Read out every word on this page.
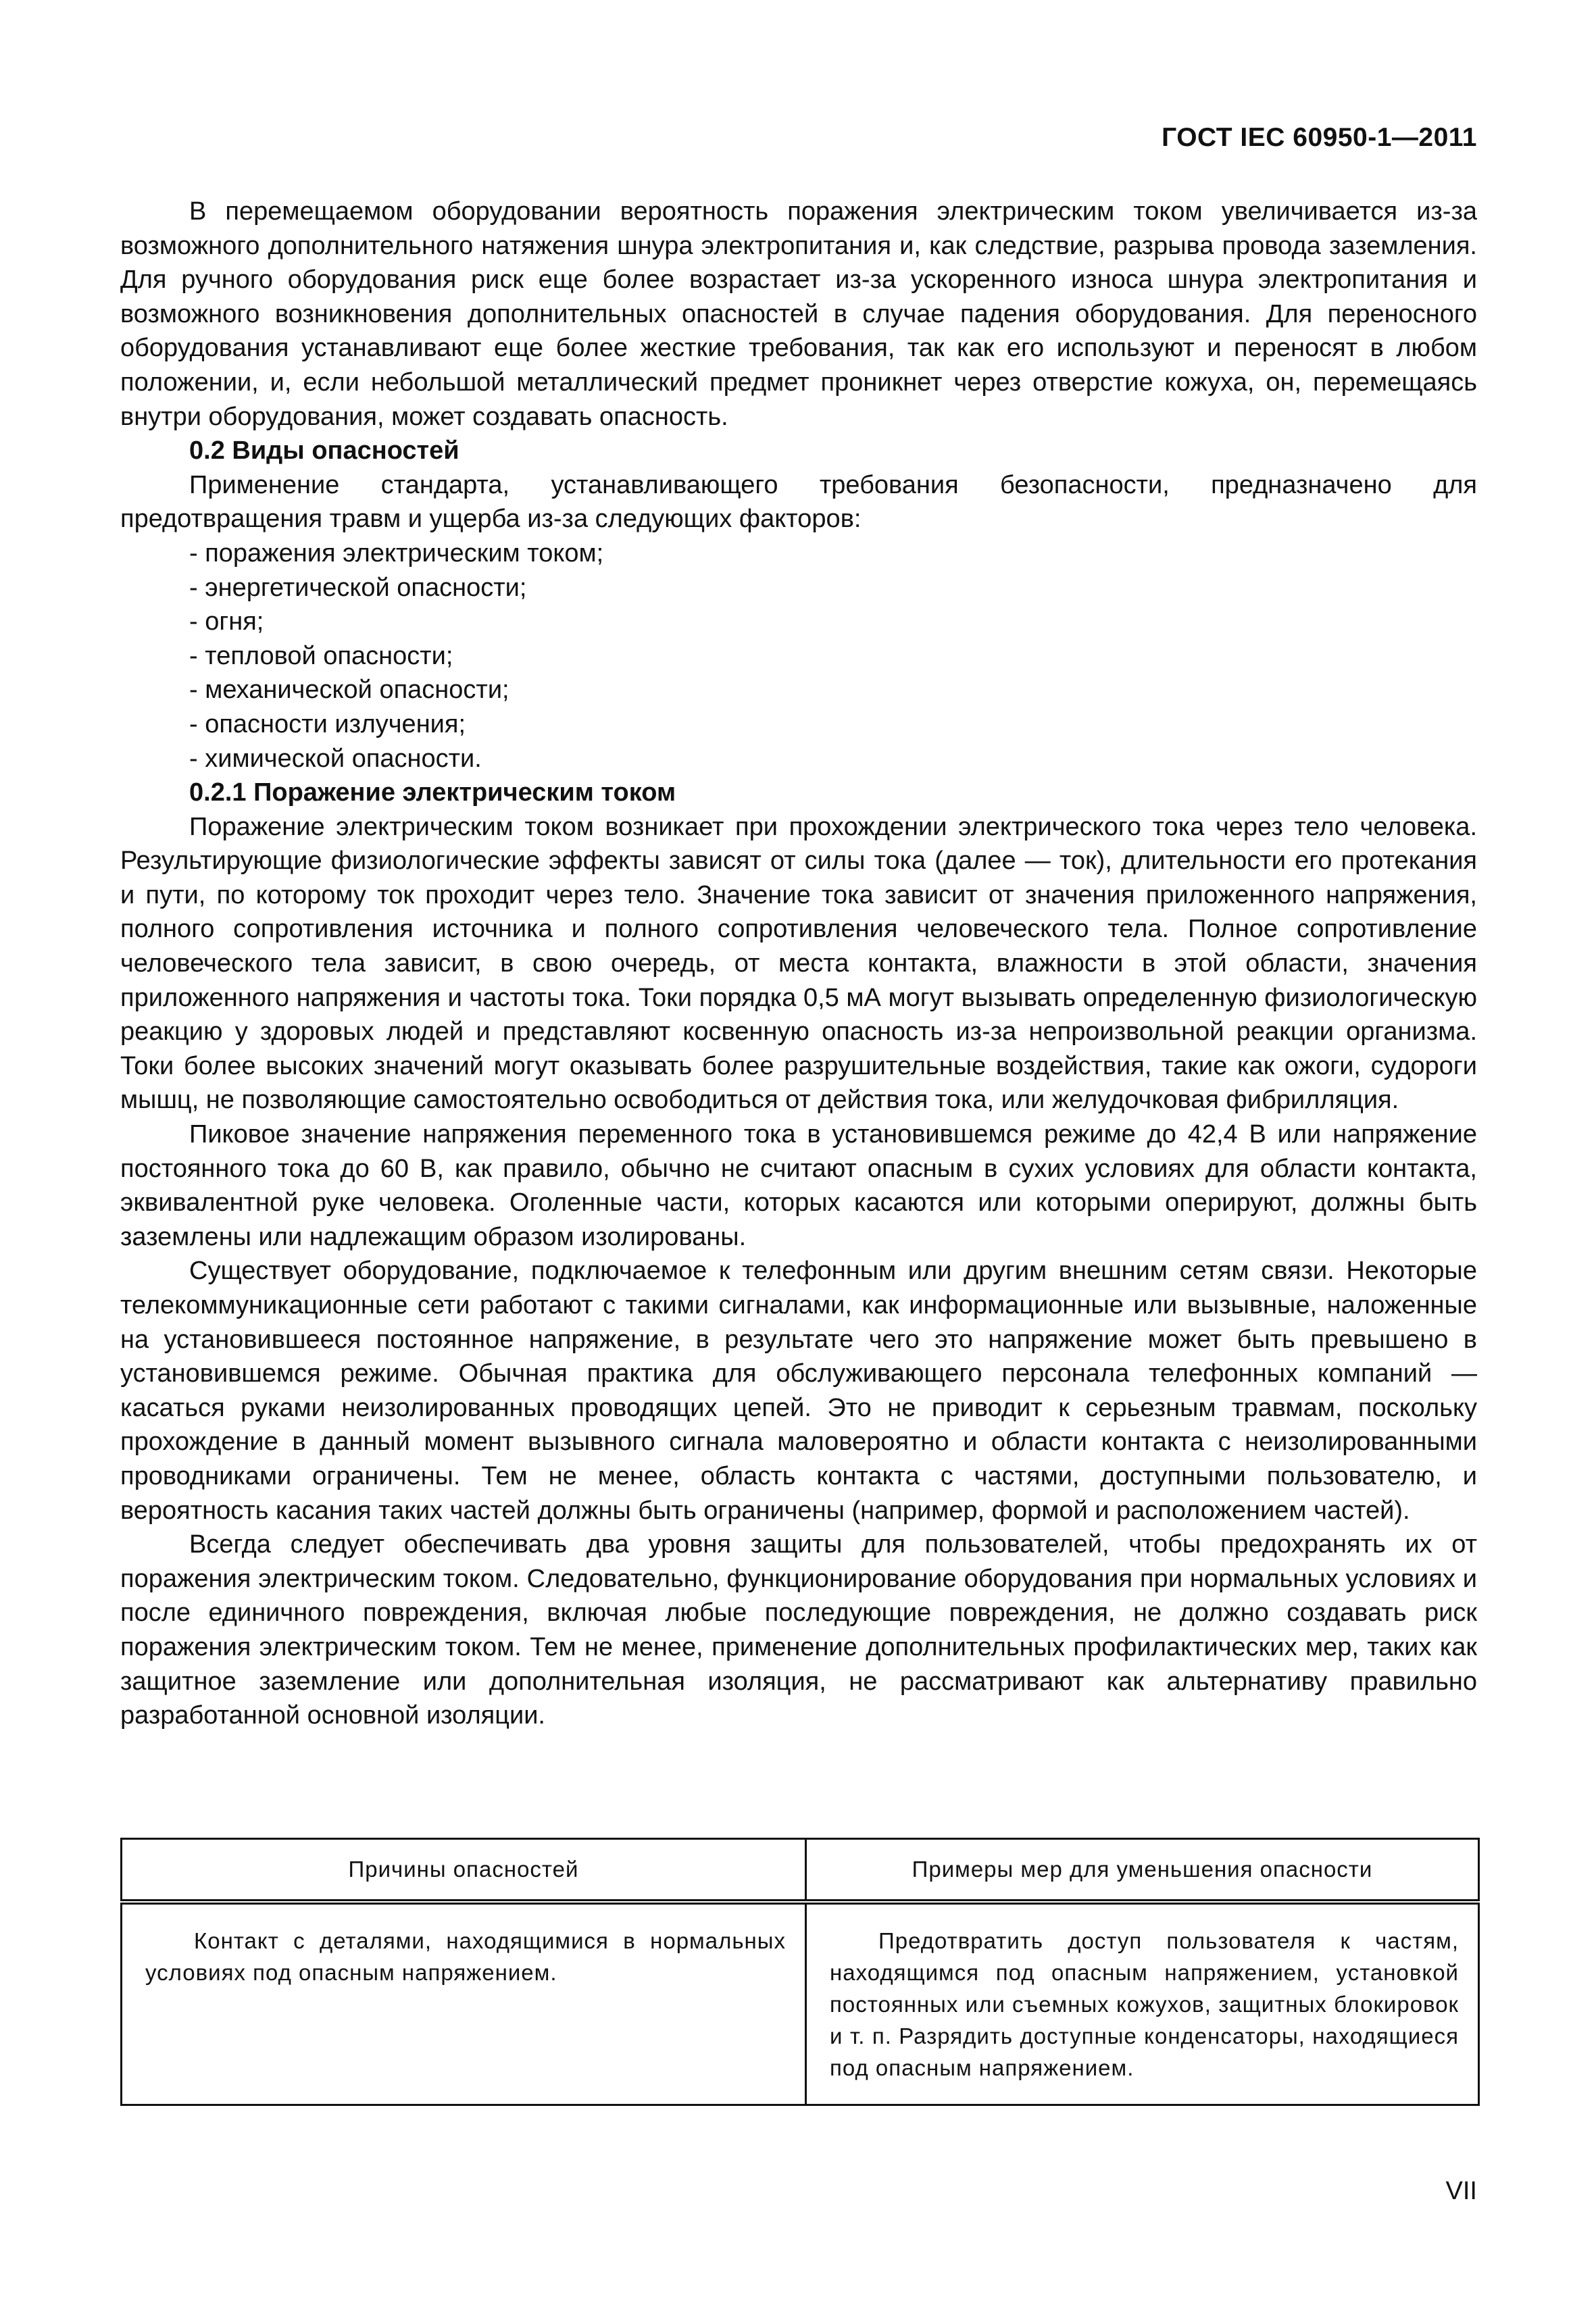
ГОСТ IEC 60950-1—2011

В перемещаемом оборудовании вероятность поражения электрическим током увеличивается из-за возможного дополнительного натяжения шнура электропитания и, как следствие, разрыва провода заземления. Для ручного оборудования риск еще более возрастает из-за ускоренного износа шнура электропитания и возможного возникновения дополнительных опасностей в случае падения оборудования. Для переносного оборудования устанавливают еще более жесткие требования, так как его используют и переносят в любом положении, и, если небольшой металлический предмет проникнет через отверстие кожуха, он, перемещаясь внутри оборудования, может создавать опасность.

0.2 Виды опасностей

Применение стандарта, устанавливающего требования безопасности, предназначено для предотвращения травм и ущерба из-за следующих факторов:

- поражения электрическим током;

- энергетической опасности;

- огня;

- тепловой опасности;

- механической опасности;

- опасности излучения;

- химической опасности.

0.2.1 Поражение электрическим током

Поражение электрическим током возникает при прохождении электрического тока через тело человека. Результирующие физиологические эффекты зависят от силы тока (далее — ток), длительности его протекания и пути, по которому ток проходит через тело. Значение тока зависит от значения приложенного напряжения, полного сопротивления источника и полного сопротивления человеческого тела. Полное сопротивление человеческого тела зависит, в свою очередь, от места контакта, влажности в этой области, значения приложенного напряжения и частоты тока. Токи порядка 0,5 мА могут вызывать определенную физиологическую реакцию у здоровых людей и представляют косвенную опасность из-за непроизвольной реакции организма. Токи более высоких значений могут оказывать более разрушительные воздействия, такие как ожоги, судороги мышц, не позволяющие самостоятельно освободиться от действия тока, или желудочковая фибрилляция.

Пиковое значение напряжения переменного тока в установившемся режиме до 42,4 В или напряжение постоянного тока до 60 В, как правило, обычно не считают опасным в сухих условиях для области контакта, эквивалентной руке человека. Оголенные части, которых касаются или которыми оперируют, должны быть заземлены или надлежащим образом изолированы.

Существует оборудование, подключаемое к телефонным или другим внешним сетям связи. Некоторые телекоммуникационные сети работают с такими сигналами, как информационные или вызывные, наложенные на установившееся постоянное напряжение, в результате чего это напряжение может быть превышено в установившемся режиме. Обычная практика для обслуживающего персонала телефонных компаний — касаться руками неизолированных проводящих цепей. Это не приводит к серьезным травмам, поскольку прохождение в данный момент вызывного сигнала маловероятно и области контакта с неизолированными проводниками ограничены. Тем не менее, область контакта с частями, доступными пользователю, и вероятность касания таких частей должны быть ограничены (например, формой и расположением частей).

Всегда следует обеспечивать два уровня защиты для пользователей, чтобы предохранять их от поражения электрическим током. Следовательно, функционирование оборудования при нормальных условиях и после единичного повреждения, включая любые последующие повреждения, не должно создавать риск поражения электрическим током. Тем не менее, применение дополнительных профилактических мер, таких как защитное заземление или дополнительная изоляция, не рассматривают как альтернативу правильно разработанной основной изоляции.

Причины опасностей	Примеры мер для уменьшения опасности

Контакт с деталями, находящимися в нормальных условиях под опасным напряжением.	Предотвратить доступ пользователя к частям, находящимся под опасным напряжением, установкой постоянных или съемных кожухов, защитных блокировок и т. п. Разрядить доступные конденсаторы, находящиеся под опасным напряжением.
VII
